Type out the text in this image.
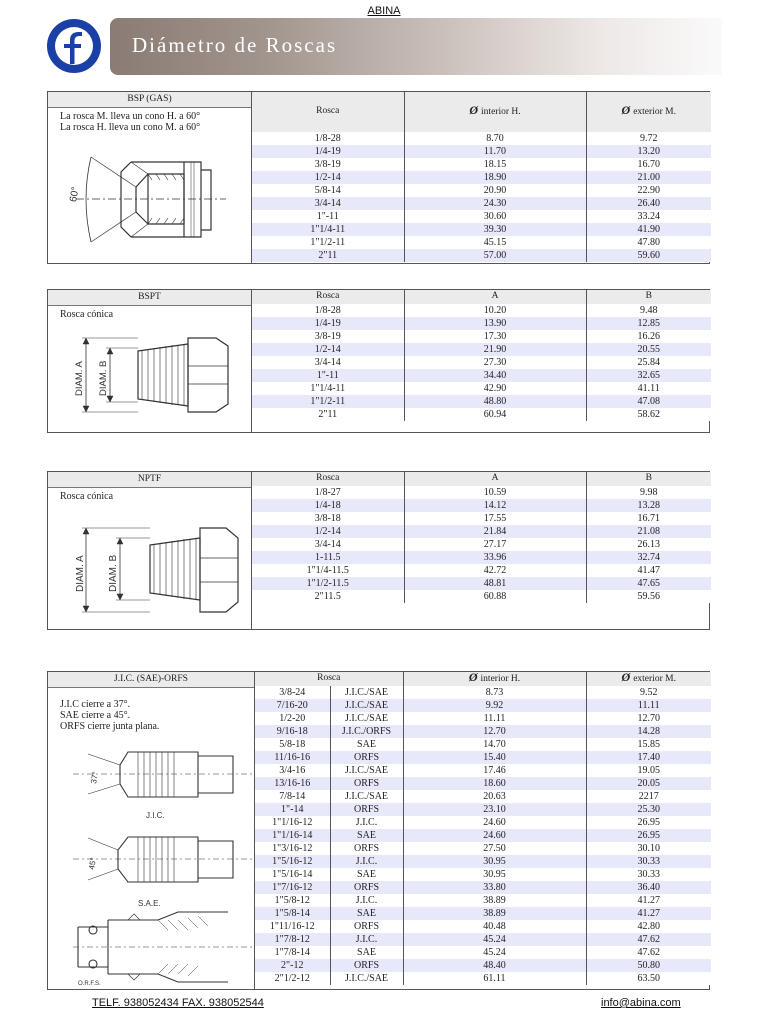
ABINA
Diámetro de Roscas
BSP (GAS)
La rosca M. lleva un cono H. a 60°
La rosca H. lleva un cono M. a 60°
60°
Rosca	Ø interior H.	Ø exterior M.
1/8-28	8.70	9.72
1/4-19	11.70	13.20
3/8-19	18.15	16.70
1/2-14	18.90	21.00
5/8-14	20.90	22.90
3/4-14	24.30	26.40
1"-11	30.60	33.24
1"1/4-11	39.30	41.90
1"1/2-11	45.15	47.80
2"11	57.00	59.60
BSPT
Rosca cónica
DIAM. A DIAM. B
Rosca	A	B
1/8-28	10.20	9.48
1/4-19	13.90	12.85
3/8-19	17.30	16.26
1/2-14	21.90	20.55
3/4-14	27.30	25.84
1"-11	34.40	32.65
1"1/4-11	42.90	41.11
1"1/2-11	48.80	47.08
2"11	60.94	58.62
NPTF
Rosca cónica
DIAM. A DIAM. B
Rosca	A	B
1/8-27	10.59	9.98
1/4-18	14.12	13.28
3/8-18	17.55	16.71
1/2-14	21.84	21.08
3/4-14	27.17	26.13
1-11.5	33.96	32.74
1"1/4-11.5	42.72	41.47
1"1/2-11.5	48.81	47.65
2"11.5	60.88	59.56
J.I.C. (SAE)-ORFS
J.I.C cierre a 37°.
SAE cierre a 45°.
ORFS cierre junta plana.
J.I.C.
S.A.E.
O.R.F.S.
37°
45°
Rosca		Ø interior H.	Ø exterior M.
3/8-24	J.I.C./SAE	8.73	9.52
7/16-20	J.I.C./SAE	9.92	11.11
1/2-20	J.I.C./SAE	11.11	12.70
9/16-18	J.I.C./ORFS	12.70	14.28
5/8-18	SAE	14.70	15.85
11/16-16	ORFS	15.40	17.40
3/4-16	J.I.C./SAE	17.46	19.05
13/16-16	ORFS	18.60	20.05
7/8-14	J.I.C./SAE	20.63	2217
1"-14	ORFS	23.10	25.30
1"1/16-12	J.I.C.	24.60	26.95
1"1/16-14	SAE	24.60	26.95
1"3/16-12	ORFS	27.50	30.10
1"5/16-12	J.I.C.	30.95	30.33
1"5/16-14	SAE	30.95	30.33
1"7/16-12	ORFS	33.80	36.40
1"5/8-12	J.I.C.	38.89	41.27
1"5/8-14	SAE	38.89	41.27
1"11/16-12	ORFS	40.48	42.80
1"7/8-12	J.I.C.	45.24	47.62
1"7/8-14	SAE	45.24	47.62
2"-12	ORFS	48.40	50.80
2"1/2-12	J.I.C./SAE	61.11	63.50
TELF. 938052434 FAX. 938052544	info@abina.com
